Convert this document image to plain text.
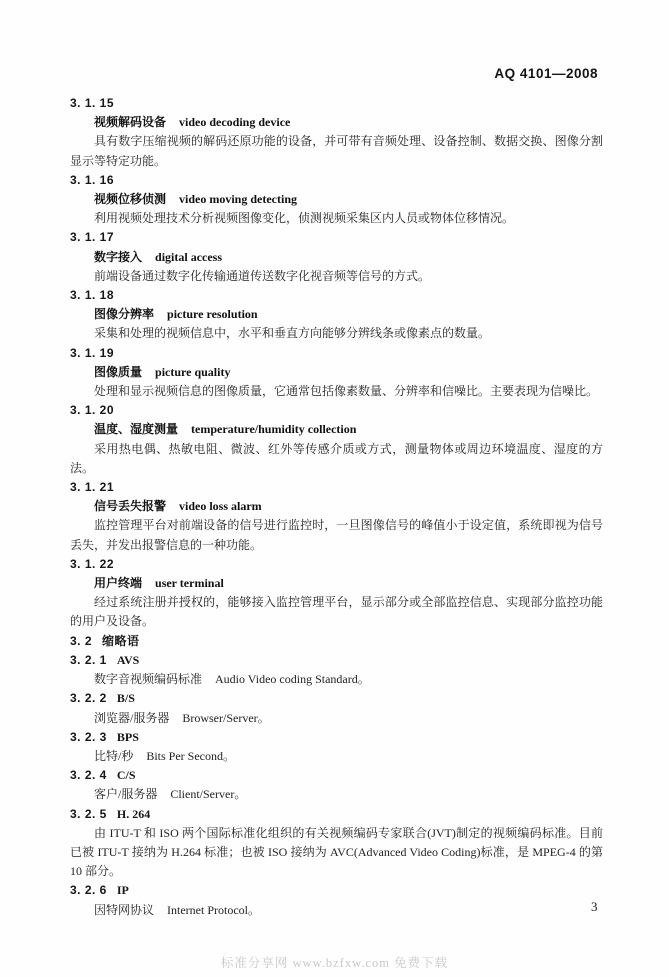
AQ 4101—2008
3. 1. 15
视频解码设备 video decoding device

具有数字压缩视频的解码还原功能的设备，并可带有音频处理、设备控制、数据交换、图像分割显示等特定功能。

3. 1. 16
视频位移侦测 video moving detecting

利用视频处理技术分析视频图像变化，侦测视频采集区内人员或物体位移情况。

3. 1. 17
数字接入 digital access

前端设备通过数字化传输通道传送数字化视音频等信号的方式。

3. 1. 18
图像分辨率 picture resolution

采集和处理的视频信息中，水平和垂直方向能够分辨线条或像素点的数量。

3. 1. 19
图像质量 picture quality

处理和显示视频信息的图像质量，它通常包括像素数量、分辨率和信噪比。主要表现为信噪比。

3. 1. 20
温度、湿度测量 temperature/humidity collection

采用热电偶、热敏电阻、微波、红外等传感介质或方式，测量物体或周边环境温度、湿度的方法。

3. 1. 21
信号丢失报警 video loss alarm

监控管理平台对前端设备的信号进行监控时，一旦图像信号的峰值小于设定值，系统即视为信号丢失，并发出报警信息的一种功能。

3. 1. 22
用户终端 user terminal

经过系统注册并授权的，能够接入监控管理平台，显示部分或全部监控信息、实现部分监控功能的用户及设备。

3. 2 缩略语
3. 2. 1 AVS

数字音视频编码标准 Audio Video coding Standard。

3. 2. 2 B/S

浏览器/服务器 Browser/Server。

3. 2. 3 BPS

比特/秒 Bits Per Second。

3. 2. 4 C/S

客户/服务器 Client/Server。

3. 2. 5 H. 264

由 ITU-T 和 ISO 两个国际标准化组织的有关视频编码专家联合(JVT)制定的视频编码标准。目前已被 ITU-T 接纳为 H.264 标准；也被 ISO 接纳为 AVC(Advanced Video Coding)标准，是 MPEG-4 的第 10 部分。

3. 2. 6 IP

因特网协议 Internet Protocol。	3
标准分享网 www.bzfxw.com 免费下载
